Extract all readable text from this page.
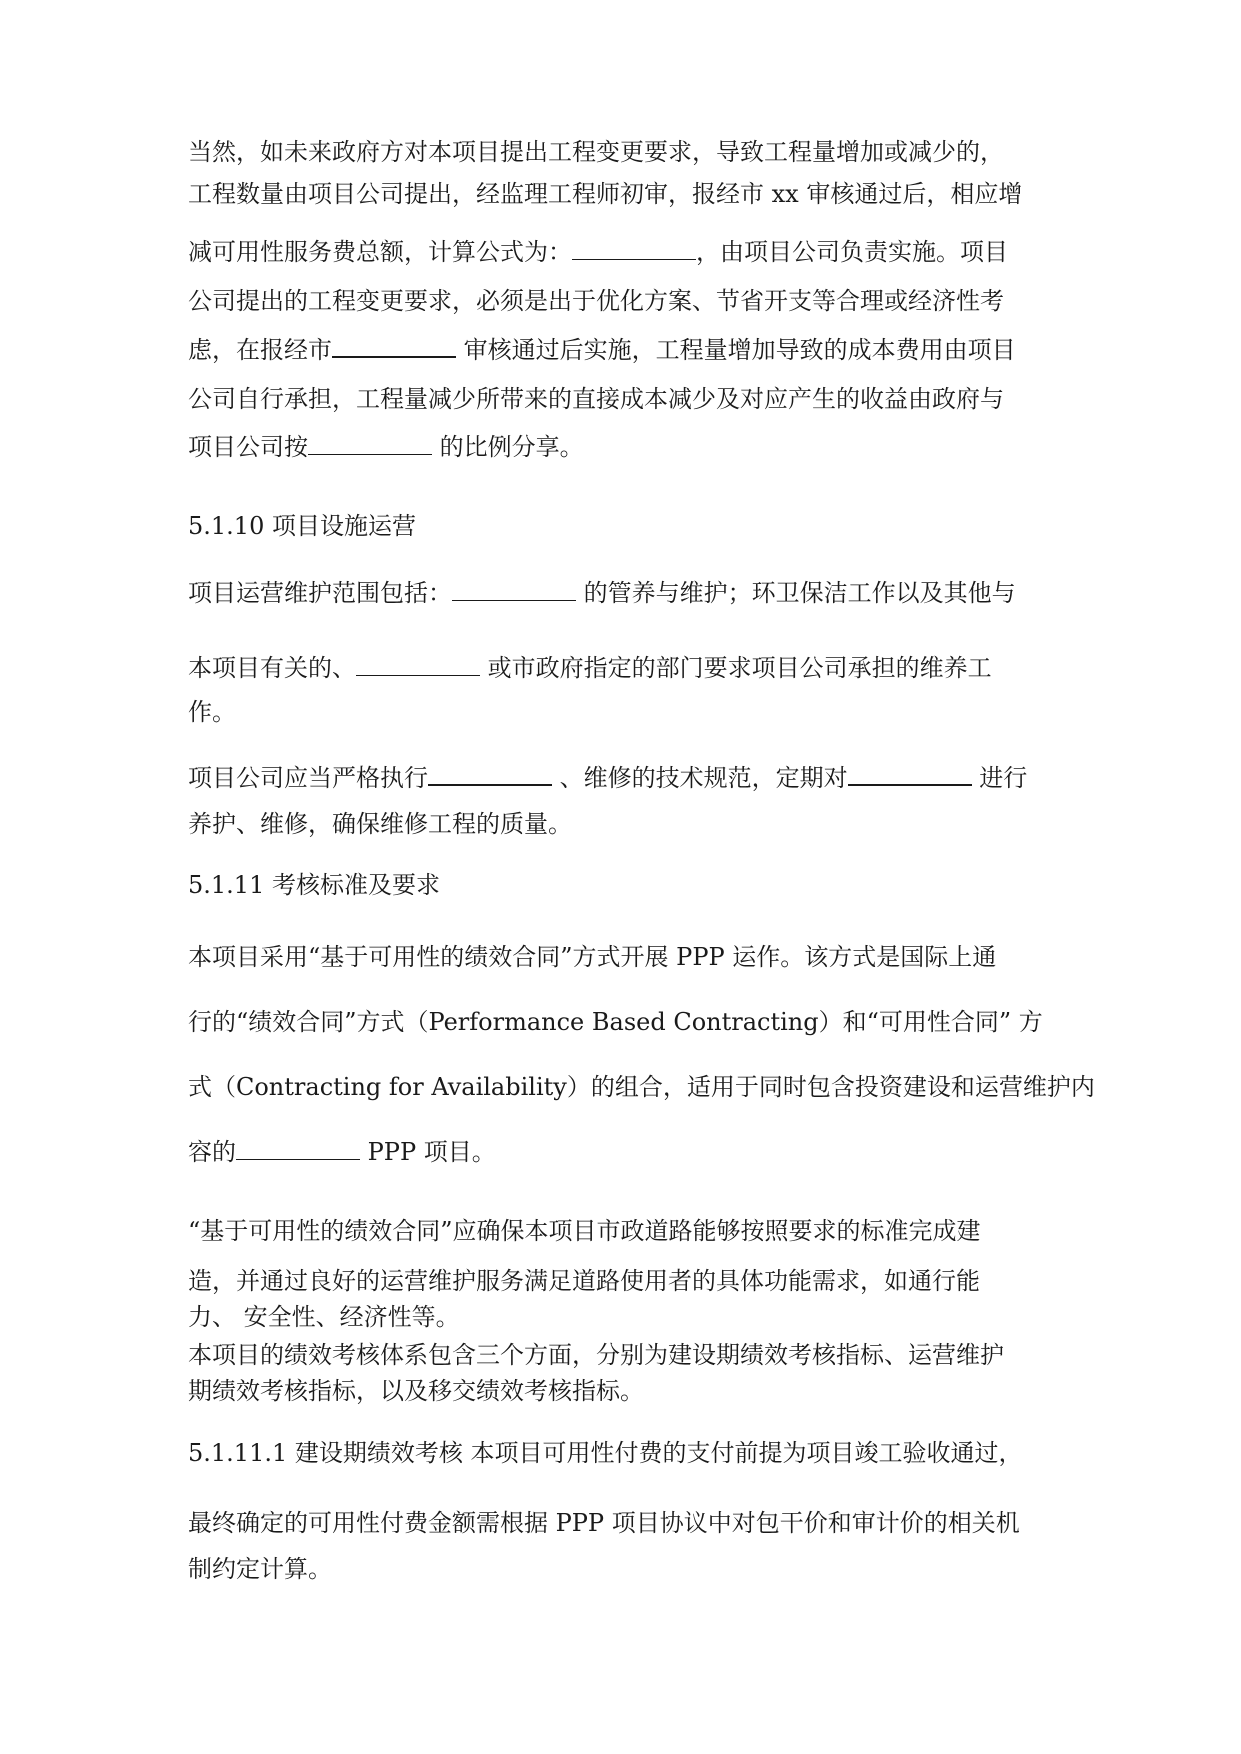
当然，如未来政府方对本项目提出工程变更要求，导致工程量增加或减少的，
工程数量由项目公司提出，经监理工程师初审，报经市 xx 审核通过后，相应增
减可用性服务费总额，计算公式为：	，由项目公司负责实施。项目
公司提出的工程变更要求，必须是出于优化方案、节省开支等合理或经济性考
虑，在报经市	审核通过后实施，工程量增加导致的成本费用由项目
公司自行承担，工程量减少所带来的直接成本减少及对应产生的收益由政府与
项目公司按	的比例分享。
5.1.10 项目设施运营
项目运营维护范围包括：	的管养与维护；环卫保洁工作以及其他与
本项目有关的、	或市政府指定的部门要求项目公司承担的维养工
作。
项目公司应当严格执行	、维修的技术规范，定期对	进行
养护、维修，确保维修工程的质量。
5.1.11 考核标准及要求
本项目采用“基于可用性的绩效合同”方式开展 PPP 运作。该方式是国际上通
行的“绩效合同”方式（Performance Based Contracting）和“可用性合同” 方
式（Contracting for Availability）的组合，适用于同时包含投资建设和运营维护内
容的	PPP 项目。
“基于可用性的绩效合同”应确保本项目市政道路能够按照要求的标准完成建
造，并通过良好的运营维护服务满足道路使用者的具体功能需求，如通行能
力、 安全性、经济性等。
本项目的绩效考核体系包含三个方面，分别为建设期绩效考核指标、运营维护
期绩效考核指标，以及移交绩效考核指标。
5.1.11.1 建设期绩效考核 本项目可用性付费的支付前提为项目竣工验收通过，
最终确定的可用性付费金额需根据 PPP 项目协议中对包干价和审计价的相关机
制约定计算。
